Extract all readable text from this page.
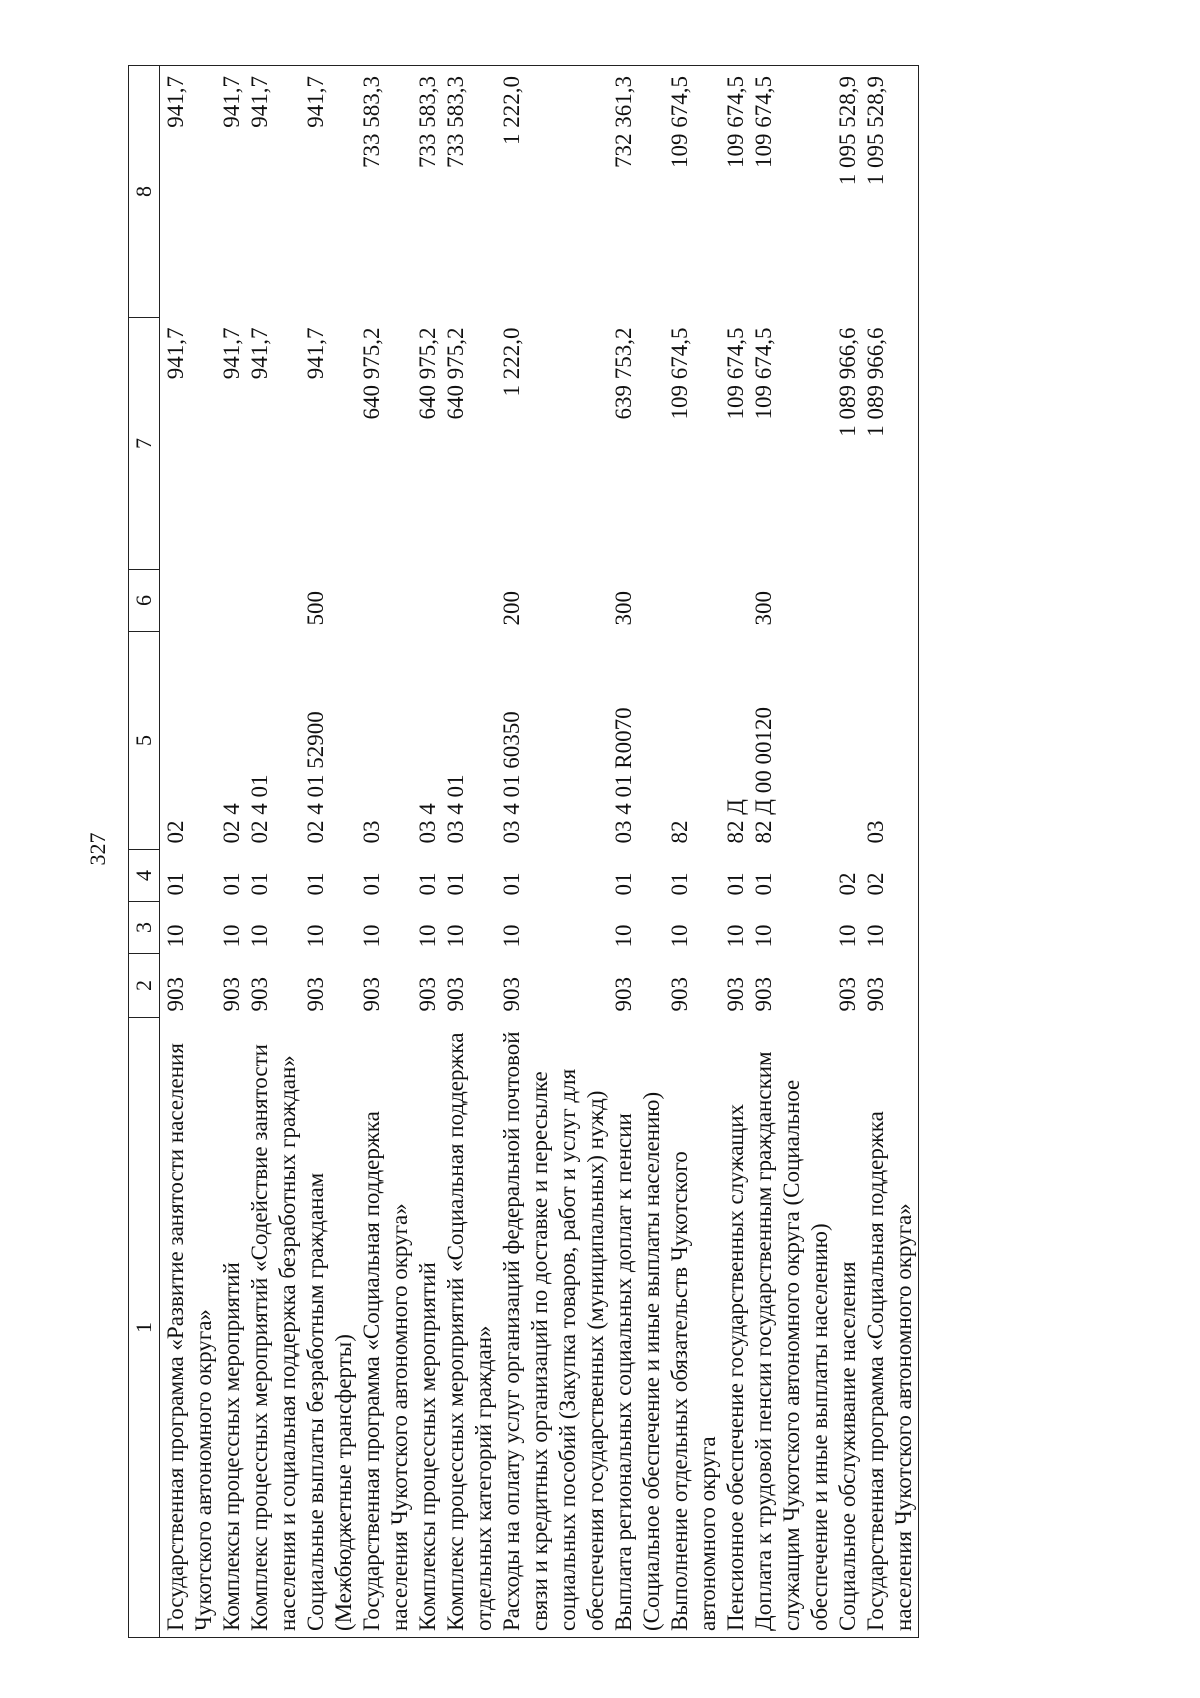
327
1	2	3	4	5	6	7	8
Государственная программа «Развитие занятости населения Чукотского автономного округа»	903	10	01	02		941,7	941,7
Комплексы процессных мероприятий	903	10	01	02 4		941,7	941,7
Комплекс процессных мероприятий «Содействие занятости населения и социальная поддержка безработных граждан»	903	10	01	02 4 01		941,7	941,7
Социальные выплаты безработным гражданам (Межбюджетные трансферты)	903	10	01	02 4 01 52900	500	941,7	941,7
Государственная программа «Социальная поддержка населения Чукотского автономного округа»	903	10	01	03		640 975,2	733 583,3
Комплексы процессных мероприятий	903	10	01	03 4		640 975,2	733 583,3
Комплекс процессных мероприятий «Социальная поддержка отдельных категорий граждан»	903	10	01	03 4 01		640 975,2	733 583,3
Расходы на оплату услуг организаций федеральной почтовой связи и кредитных организаций по доставке и пересылке социальных пособий (Закупка товаров, работ и услуг для обеспечения государственных (муниципальных) нужд)	903	10	01	03 4 01 60350	200	1 222,0	1 222,0
Выплата региональных социальных доплат к пенсии (Социальное обеспечение и иные выплаты населению)	903	10	01	03 4 01 R0070	300	639 753,2	732 361,3
Выполнение отдельных обязательств Чукотского автономного округа	903	10	01	82		109 674,5	109 674,5
Пенсионное обеспечение государственных служащих	903	10	01	82 Д		109 674,5	109 674,5
Доплата к трудовой пенсии государственным гражданским служащим Чукотского автономного округа (Социальное обеспечение и иные выплаты населению)	903	10	01	82 Д 00 00120	300	109 674,5	109 674,5
Социальное обслуживание населения	903	10	02			1 089 966,6	1 095 528,9
Государственная программа «Социальная поддержка населения Чукотского автономного округа»	903	10	02	03		1 089 966,6	1 095 528,9
